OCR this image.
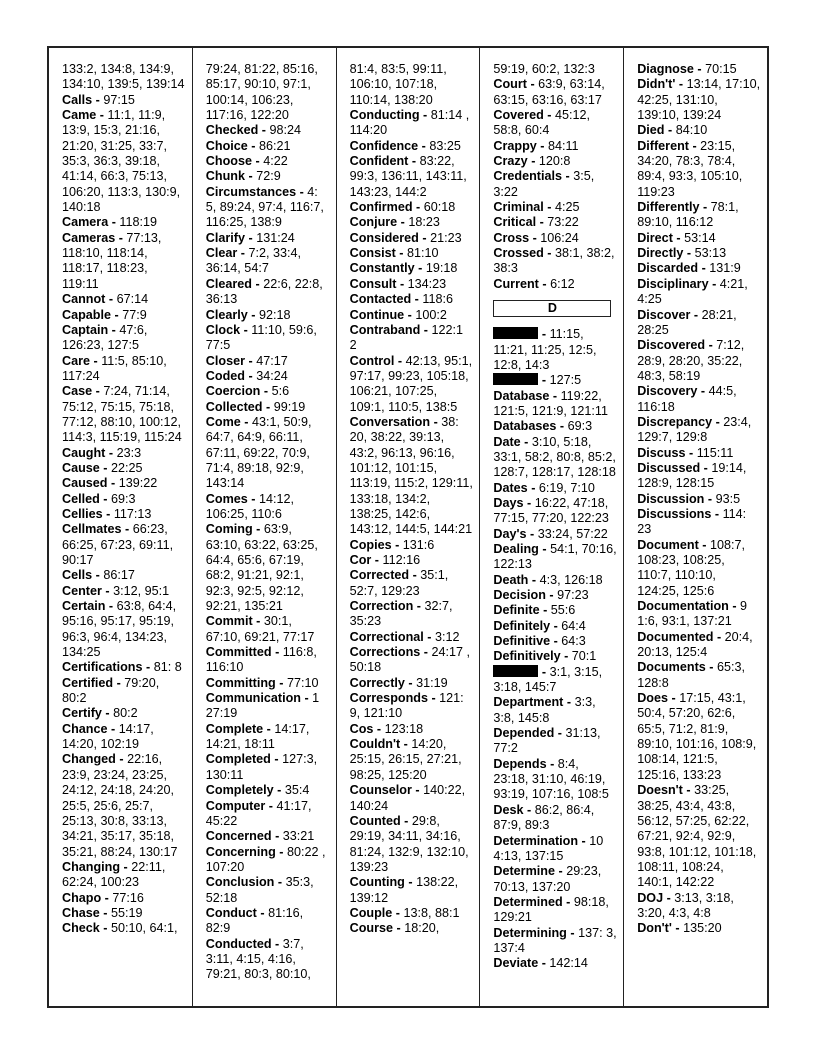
133:2, 134:8, 134:9, 134:10, 139:5, 139:14

Calls - 97:15

Came - 11:1, 11:9, 13:9, 15:3, 21:16, 21:20, 31:25, 33:7, 35:3, 36:3, 39:18, 41:14, 66:3, 75:13, 106:20, 113:3, 130:9, 140:18

Camera - 118:19

Cameras - 77:13, 118:10, 118:14, 118:17, 118:23, 119:11

Cannot - 67:14

Capable - 77:9

Captain - 47:6, 126:23, 127:5

Care - 11:5, 85:10, 117:24

Case - 7:24, 71:14, 75:12, 75:15, 75:18, 77:12, 88:10, 100:12, 114:3, 115:19, 115:24

Caught - 23:3

Cause - 22:25

Caused - 139:22

Celled - 69:3

Cellies - 117:13

Cellmates - 66:23, 66:25, 67:23, 69:11, 90:17

Cells - 86:17

Center - 3:12, 95:1

Certain - 63:8, 64:4, 95:16, 95:17, 95:19, 96:3, 96:4, 134:23, 134:25

Certifications - 81: 8

Certified - 79:20, 80:2

Certify - 80:2

Chance - 14:17, 14:20, 102:19

Changed - 22:16, 23:9, 23:24, 23:25, 24:12, 24:18, 24:20, 25:5, 25:6, 25:7, 25:13, 30:8, 33:13, 34:21, 35:17, 35:18, 35:21, 88:24, 130:17

Changing - 22:11, 62:24, 100:23

Chapo - 77:16

Chase - 55:19

Check - 50:10, 64:1,

79:24, 81:22, 85:16, 85:17, 90:10, 97:1, 100:14, 106:23, 117:16, 122:20

Checked - 98:24

Choice - 86:21

Choose - 4:22

Chunk - 72:9

Circumstances - 4: 5, 89:24, 97:4, 116:7, 116:25, 138:9

Clarify - 131:24

Clear - 7:2, 33:4, 36:14, 54:7

Cleared - 22:6, 22:8, 36:13

Clearly - 92:18

Clock - 11:10, 59:6, 77:5

Closer - 47:17

Coded - 34:24

Coercion - 5:6

Collected - 99:19

Come - 43:1, 50:9, 64:7, 64:9, 66:11, 67:11, 69:22, 70:9, 71:4, 89:18, 92:9, 143:14

Comes - 14:12, 106:25, 110:6

Coming - 63:9, 63:10, 63:22, 63:25, 64:4, 65:6, 67:19, 68:2, 91:21, 92:1, 92:3, 92:5, 92:12, 92:21, 135:21

Commit - 30:1, 67:10, 69:21, 77:17

Committed - 116:8, 116:10

Committing - 77:10

Communication - 1 27:19

Complete - 14:17, 14:21, 18:11

Completed - 127:3, 130:11

Completely - 35:4

Computer - 41:17, 45:22

Concerned - 33:21

Concerning - 80:22 , 107:20

Conclusion - 35:3, 52:18

Conduct - 81:16, 82:9

Conducted - 3:7, 3:11, 4:15, 4:16, 79:21, 80:3, 80:10,

81:4, 83:5, 99:11, 106:10, 107:18, 110:14, 138:20

Conducting - 81:14 , 114:20

Confidence - 83:25

Confident - 83:22, 99:3, 136:11, 143:11, 143:23, 144:2

Confirmed - 60:18

Conjure - 18:23

Considered - 21:23

Consist - 81:10

Constantly - 19:18

Consult - 134:23

Contacted - 118:6

Continue - 100:2

Contraband - 122:1 2

Control - 42:13, 95:1, 97:17, 99:23, 105:18, 106:21, 107:25, 109:1, 110:5, 138:5

Conversation - 38: 20, 38:22, 39:13, 43:2, 96:13, 96:16, 101:12, 101:15, 113:19, 115:2, 129:11, 133:18, 134:2, 138:25, 142:6, 143:12, 144:5, 144:21

Copies - 131:6

Cor - 112:16

Corrected - 35:1, 52:7, 129:23

Correction - 32:7, 35:23

Correctional - 3:12

Corrections - 24:17 , 50:18

Correctly - 31:19

Corresponds - 121: 9, 121:10

Cos - 123:18

Couldn't - 14:20, 25:15, 26:15, 27:21, 98:25, 125:20

Counselor - 140:22, 140:24

Counted - 29:8, 29:19, 34:11, 34:16, 81:24, 132:9, 132:10, 139:23

Counting - 138:22, 139:12

Couple - 13:8, 88:1

Course - 18:20,

59:19, 60:2, 132:3

Court - 63:9, 63:14, 63:15, 63:16, 63:17

Covered - 45:12, 58:8, 60:4

Crappy - 84:11

Crazy - 120:8

Credentials - 3:5, 3:22

Criminal - 4:25

Critical - 73:22

Cross - 106:24

Crossed - 38:1, 38:2, 38:3

Current - 6:12

D

- 11:15, 11:21, 11:25, 12:5, 12:8, 14:3

- 127:5

Database - 119:22, 121:5, 121:9, 121:11

Databases - 69:3

Date - 3:10, 5:18, 33:1, 58:2, 80:8, 85:2, 128:7, 128:17, 128:18

Dates - 6:19, 7:10

Days - 16:22, 47:18, 77:15, 77:20, 122:23

Day's - 33:24, 57:22

Dealing - 54:1, 70:16, 122:13

Death - 4:3, 126:18

Decision - 97:23

Definite - 55:6

Definitely - 64:4

Definitive - 64:3

Definitively - 70:1

- 3:1, 3:15, 3:18, 145:7

Department - 3:3, 3:8, 145:8

Depended - 31:13, 77:2

Depends - 8:4, 23:18, 31:10, 46:19, 93:19, 107:16, 108:5

Desk - 86:2, 86:4, 87:9, 89:3

Determination - 10 4:13, 137:15

Determine - 29:23, 70:13, 137:20

Determined - 98:18, 129:21

Determining - 137: 3, 137:4

Deviate - 142:14

Diagnose - 70:15

Didn't' - 13:14, 17:10, 42:25, 131:10, 139:10, 139:24

Died - 84:10

Different - 23:15, 34:20, 78:3, 78:4, 89:4, 93:3, 105:10, 119:23

Differently - 78:1, 89:10, 116:12

Direct - 53:14

Directly - 53:13

Discarded - 131:9

Disciplinary - 4:21, 4:25

Discover - 28:21, 28:25

Discovered - 7:12, 28:9, 28:20, 35:22, 48:3, 58:19

Discovery - 44:5, 116:18

Discrepancy - 23:4, 129:7, 129:8

Discuss - 115:11

Discussed - 19:14, 128:9, 128:15

Discussion - 93:5

Discussions - 114: 23

Document - 108:7, 108:23, 108:25, 110:7, 110:10, 124:25, 125:6

Documentation - 9 1:6, 93:1, 137:21

Documented - 20:4, 20:13, 125:4

Documents - 65:3, 128:8

Does - 17:15, 43:1, 50:4, 57:20, 62:6, 65:5, 71:2, 81:9, 89:10, 101:16, 108:9, 108:14, 121:5, 125:16, 133:23

Doesn't - 33:25, 38:25, 43:4, 43:8, 56:12, 57:25, 62:22, 67:21, 92:4, 92:9, 93:8, 101:12, 101:18, 108:11, 108:24, 140:1, 142:22

DOJ - 3:13, 3:18, 3:20, 4:3, 4:8

Don't' - 135:20
